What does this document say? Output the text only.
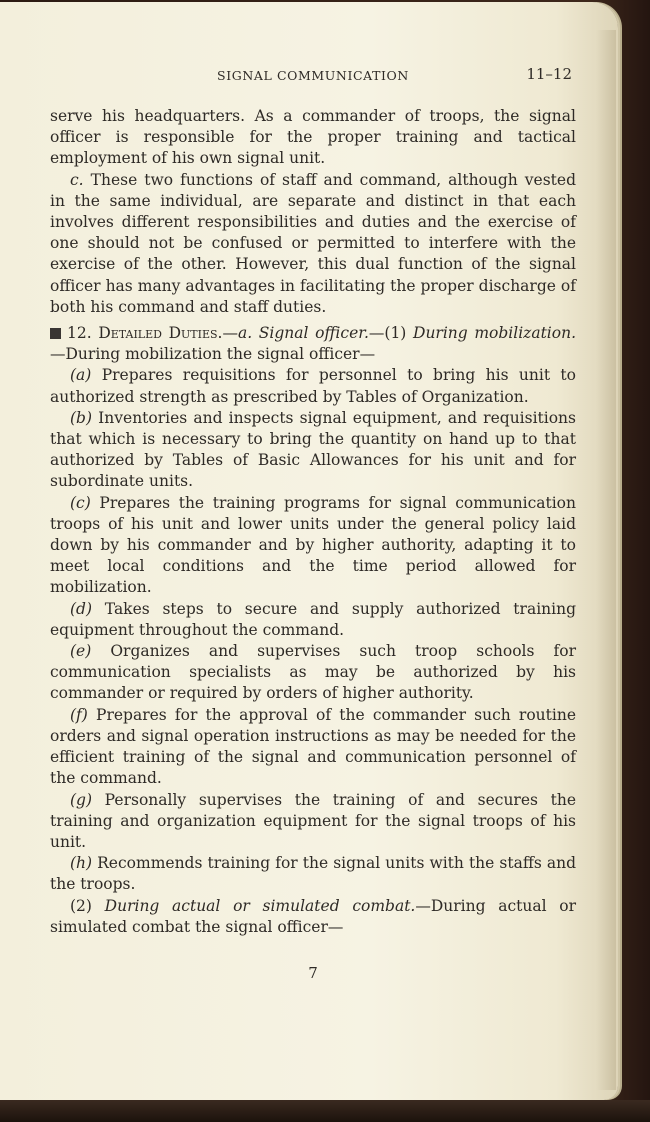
SIGNAL COMMUNICATION	11–12

serve his headquarters. As a commander of troops, the signal officer is responsible for the proper training and tactical employment of his own signal unit.

c. These two functions of staff and command, although vested in the same individual, are separate and distinct in that each involves different responsibilities and duties and the exercise of one should not be confused or permitted to interfere with the exercise of the other. However, this dual function of the signal officer has many advantages in facilitating the proper discharge of both his command and staff duties.

12. Detailed Duties.—a. Signal officer.—(1) During mobilization.—During mobilization the signal officer—

(a) Prepares requisitions for personnel to bring his unit to authorized strength as prescribed by Tables of Organization.

(b) Inventories and inspects signal equipment, and requisitions that which is necessary to bring the quantity on hand up to that authorized by Tables of Basic Allowances for his unit and for subordinate units.

(c) Prepares the training programs for signal communication troops of his unit and lower units under the general policy laid down by his commander and by higher authority, adapting it to meet local conditions and the time period allowed for mobilization.

(d) Takes steps to secure and supply authorized training equipment throughout the command.

(e) Organizes and supervises such troop schools for communication specialists as may be authorized by his commander or required by orders of higher authority.

(f) Prepares for the approval of the commander such routine orders and signal operation instructions as may be needed for the efficient training of the signal and communication personnel of the command.

(g) Personally supervises the training of and secures the training and organization equipment for the signal troops of his unit.

(h) Recommends training for the signal units with the staffs and the troops.

(2) During actual or simulated combat.—During actual or simulated combat the signal officer—

7
